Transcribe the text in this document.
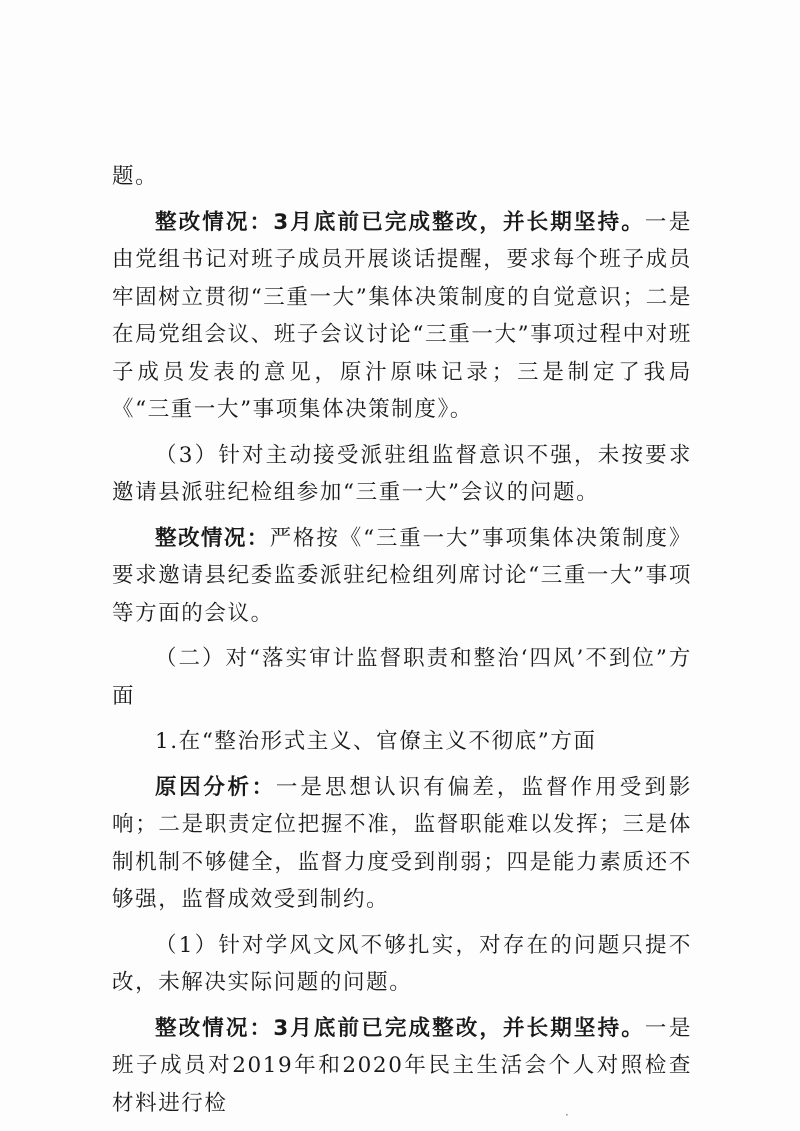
题。

整改情况：3月底前已完成整改，并长期坚持。一是由党组书记对班子成员开展谈话提醒，要求每个班子成员牢固树立贯彻“三重一大”集体决策制度的自觉意识；二是在局党组会议、班子会议讨论“三重一大”事项过程中对班子成员发表的意见，原汁原味记录；三是制定了我局《“三重一大”事项集体决策制度》。

（3）针对主动接受派驻组监督意识不强，未按要求邀请县派驻纪检组参加“三重一大”会议的问题。

整改情况：严格按《“三重一大”事项集体决策制度》要求邀请县纪委监委派驻纪检组列席讨论“三重一大”事项等方面的会议。

（二）对“落实审计监督职责和整治‘四风’不到位”方面

1.在“整治形式主义、官僚主义不彻底”方面

原因分析：一是思想认识有偏差，监督作用受到影响；二是职责定位把握不准，监督职能难以发挥；三是体制机制不够健全，监督力度受到削弱；四是能力素质还不够强，监督成效受到制约。

（1）针对学风文风不够扎实，对存在的问题只提不改，未解决实际问题的问题。

整改情况：3月底前已完成整改，并长期坚持。一是班子成员对2019年和2020年民主生活会个人对照检查材料进行检	·
